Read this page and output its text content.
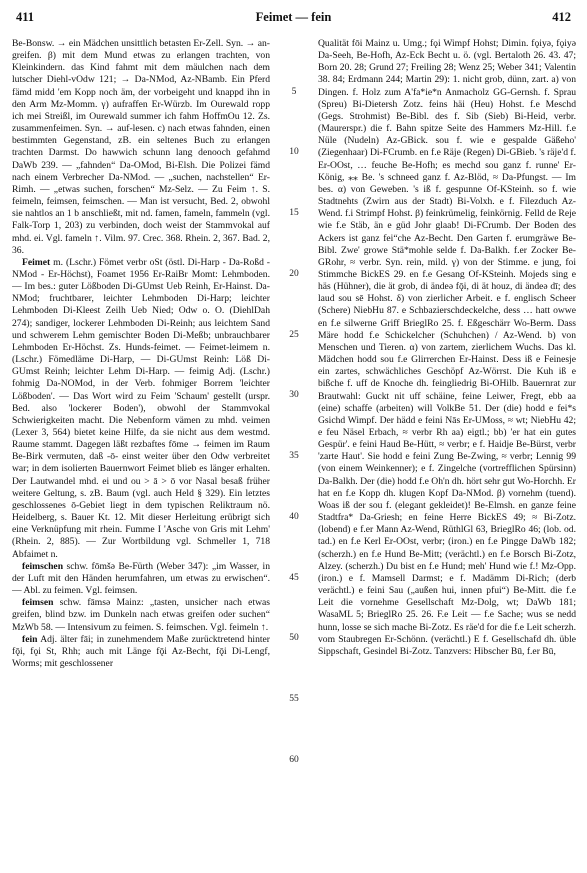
411	Feimet — fein	412

Be-Bonsw. → ein Mädchen unsittlich betasten Er-Zell. Syn. → an-greifen. β) mit dem Mund etwas zu erlangen trachten, von Kleinkindern. das Kind fahmt mit dem mäulchen nach dem lutscher Diehl-vOdw 121; → Da-NMod, Az-NBamb. Ein Pferd fämd midd 'em Kopp noch äm, der vorbeigeht und knappd ihn in den Arm Mz-Momm. γ) aufraffen Er-Würzb. Im Ourewald ropp ich mei Streißl, im Ourewald summer ich fahm HoffmOu 12. Zs. zusammenfeimen. Syn. → auf-lesen. c) nach etwas fahnden, einen bestimmten Gegenstand, zB. ein seltenes Buch zu erlangen trachten Darmst. Do hawwich schunn lang denooch gefahmd DaWb 239. — „fahnden“ Da-OMod, Bi-Elsh. Die Polizei fämd nach einem Verbrecher Da-NMod. — „suchen, nachstellen“ Er-Rimh. — „etwas suchen, forschen“ Mz-Selz. — Zu Feim ↑. S. feimeln, feimsen, feimschen. — Man ist versucht, Bed. 2, obwohl sie nahtlos an 1 b anschließt, mit nd. famen, fameln, fammeln (vgl. Falk-Torp 1, 203) zu verbinden, doch weist der Stammvokal auf mhd. ei. Vgl. fameln ↑. Vilm. 97. Crec. 368. Rhein. 2, 367. Bad. 2, 36.

Feimet m. (Lschr.) Fömet verbr oSt (östl. Di-Harp - Da-Roßd - NMod - Er-Höchst), Foamet 1956 Er-RaiBr Momt: Lehmboden. — Im bes.: guter Lößboden Di-GUmst Ueb Reinh, Er-Hainst. Da-NMod; fruchtbarer, leichter Lehmboden Di-Harp; leichter Lehmboden Di-Kleest Zeilh Ueb Nied; Odw o. O. (DiehlDah 274); sandiger, lockerer Lehmboden Di-Reinh; aus leichtem Sand und schwerem Lehm gemischter Boden Di-Meßb; unbrauchbarer Lehmboden Er-Höchst. Zs. Hunds-feimet. — Feimet-leimem n. (Lschr.) Fömedläme Di-Harp, — Di-GUmst Reinh: Löß Di-GUmst Reinh; leichter Lehm Di-Harp. — feimig Adj. (Lschr.) fohmig Da-NOMod, in der Verb. fohmiger Borrem 'leichter Lößboden'. — Das Wort wird zu Feim 'Schaum' gestellt (urspr. Bed. also 'lockerer Boden'), obwohl der Stammvokal Schwierigkeiten macht. Die Nebenform vämen zu mhd. veimen (Lexer 3, 564) bietet keine Hilfe, da sie nicht aus dem westmd. Raume stammt. Dagegen läßt rezbaftes fōme → feimen im Raum Be-Birk vermuten, daß -ō- einst weiter über den Odw verbreitet war; in dem isolierten Bauernwort Feimet blieb es länger erhalten. Der Lautwandel mhd. ei und ou > ā > ō vor Nasal besaß früher weitere Geltung, s. zB. Baum (vgl. auch Held § 329). Ein letztes geschlossenes ō-Gebiet liegt in dem typischen Reliktraum nö. Heidelberg, s. Bauer Kt. 12. Mit dieser Herleitung erübrigt sich eine Verknüpfung mit rhein. Fumme I 'Asche von Gris mit Lehm' (Rhein. 2, 885). — Zur Wortbildung vgl. Schmeller 1, 718 Abfaimet n.

feimschen schw. fōmšə Be-Fürth (Weber 347): „im Wasser, in der Luft mit den Händen herumfahren, um etwas zu erwischen“. — Abl. zu feimen. Vgl. feimsen.

feimsen schw. fāmsə Mainz: „tasten, unsicher nach etwas greifen, blind bzw. im Dunkeln nach etwas greifen oder suchen“ MzWb 58. — Intensivum zu feimen. S. feimschen. Vgl. feimeln ↑.

fein Adj. älter fāi; in zunehmendem Maße zurücktretend hinter fǭi, fǫi St, Rhh; auch mit Länge fǭi Az-Becht, fǭi Di-Lengf, Worms; mit geschlossener

5
10
15
20
25
30
35
40
45
50
55
60

Qualität fōi Mainz u. Umg.; fǫi Wimpf Hohst; Dimin. fǫiyə, fǫiyə Da-Seeh, Be-Hofh, Az-Eck Becht u. ö. (vgl. Bertaloth 26. 43. 47; Born 20. 28; Grund 27; Freiling 28; Wenz 25; Weber 341; Valentin 38. 84; Erdmann 244; Martin 29): 1. nicht grob, dünn, zart. a) von Dingen. f. Holz zum A'fa*ie*n Anmacholz GG-Gernsh. f. Sprau (Spreu) Bi-Dietersh Zotz. feins häi (Heu) Hohst. f.e Meschd (Gegs. Strohmist) Be-Bibl. des f. Sib (Sieb) Bi-Heid, verbr. (Maurerspr.) die f. Bahn spitze Seite des Hammers Mz-Hill. f.e Nüle (Nudeln) Az-GBick. sou f. wie e gespalde Gäßeho' (Ziegenhaar) Di-FCrumb. en f.e Räje (Regen) Di-GBieb. 's räje'd f. Er-OOst, … feuche Be-Hofh; es mechd sou ganz f. runne' Er-König, ⁎⁎ Be. 's schneed ganz f. Az-Blöd, ≈ Da-Pfungst. — Im bes. α) von Geweben. 's iß f. gespunne Of-KSteinh. so f. wie Stadtnehts (Zwirn aus der Stadt) Bi-Volxh. e f. Filezduch Az-Wend. f.i Strimpf Hohst. β) feinkrümelig, feinkörnig. Felld de Reje wie f.e Stäb, än e güd Johr glaab! Di-FCrumb. Der Boden des Ackers ist ganz fei“che Az-Becht. Den Garten f. erumgräwe Be-Bibl. Zwe' growe Stä*mohle selde f. Da-Balkh. f.er Zocker Be-GRohr, ≈ verbr. Syn. rein, mild. γ) von der Stimme. e jung, foi Stimmche BickES 29. en f.e Gesang Of-KSteinh. Mojeds sing e häs (Hühner), die ät grob, di ändeə fǭi, di ät houz, di ändeə dī; des laud sou sē Hohst. δ) von zierlicher Arbeit. e f. englisch Scheer (Schere) NiebHu 87. e Schbazierschdeckelche, dess … hatt owwe en f.e silwerne Griff BrieglRo 25. f. Eßgeschärr Wo-Berm. Dass Märe hodd f.e Schickelcher (Schuhchen) / Az-Wend. b) von Menschen und Tieren. α) von zartem, zierlichem Wuchs. Das kl. Mädchen hodd sou f.e Glirrerchen Er-Hainst. Dess iß e Feinesje ein zartes, schwächliches Geschöpf Az-Wörrst. Die Kuh iß e bißche f. uff de Knoche dh. feingliedrig Bi-OHilb. Bauernrat zur Brautwahl: Guckt nit uff schäine, feine Leiwer, Fregt, ebb aa (eine) schaffe (arbeiten) will VolkBe 51. Der (die) hodd e fei*s Gsichd Wimpf. Der hädd e feini Nās Er-UMoss, ≈ wt; NiebHu 42; e feu Näsel Erbach, ≈ verbr Rh aa) eigtl.; bb) 'er hat ein gutes Gespür'. e feini Haud Be-Hütt, ≈ verbr; e f. Haidje Be-Bürst, verbr 'zarte Haut'. Sie hodd e feini Zung Be-Zwing, ≈ verbr; Lennig 99 (von einem Weinkenner); e f. Zingelche (vortrefflichen Spürsinn) Da-Balkh. Der (die) hodd f.e Oh'n dh. hört sehr gut Wo-Horchh. Er hat en f.e Kopp dh. klugen Kopf Da-NMod. β) vornehm (tuend). Woas iß der sou f. (elegant gekleidet)! Be-Elmsh. en ganze feine Stadtfra* Da-Griesh; en feine Herre BickES 49; ≈ Bi-Zotz. (lobend) e f.er Mann Az-Wend, RüthlGl 63, BrieglRo 46; (lob. od. tad.) en f.e Kerl Er-OOst, verbr; (iron.) en f.e Pingge DaWb 182; (scherzh.) en f.e Hund Be-Mitt; (verächtl.) en f.e Borsch Bi-Zotz, Alzey. (scherzh.) Du bist en f.e Hund; meh' Hund wie f.! Mz-Opp. (iron.) e f. Mamsell Darmst; e f. Madämm Di-Rich; (derb verächtl.) e feini Sau („außen hui, innen pfui“) Be-Mitt. die f.e Leit die vornehme Gesellschaft Mz-Dolg, wt; DaWb 181; WasaML 5; BrieglRo 25. 26. F.e Leit — f.e Sache; wus se nedd hunn, losse se sich mache Bi-Zotz. Es räe'd for die f.e Leit scherzh. vom Staubregen Er-Schönn. (verächtl.) E f. Gesellschafd dh. üble Sippschaft, Gesindel Bi-Zotz. Tanzvers: Hibscher Bū, f.er Bū,
